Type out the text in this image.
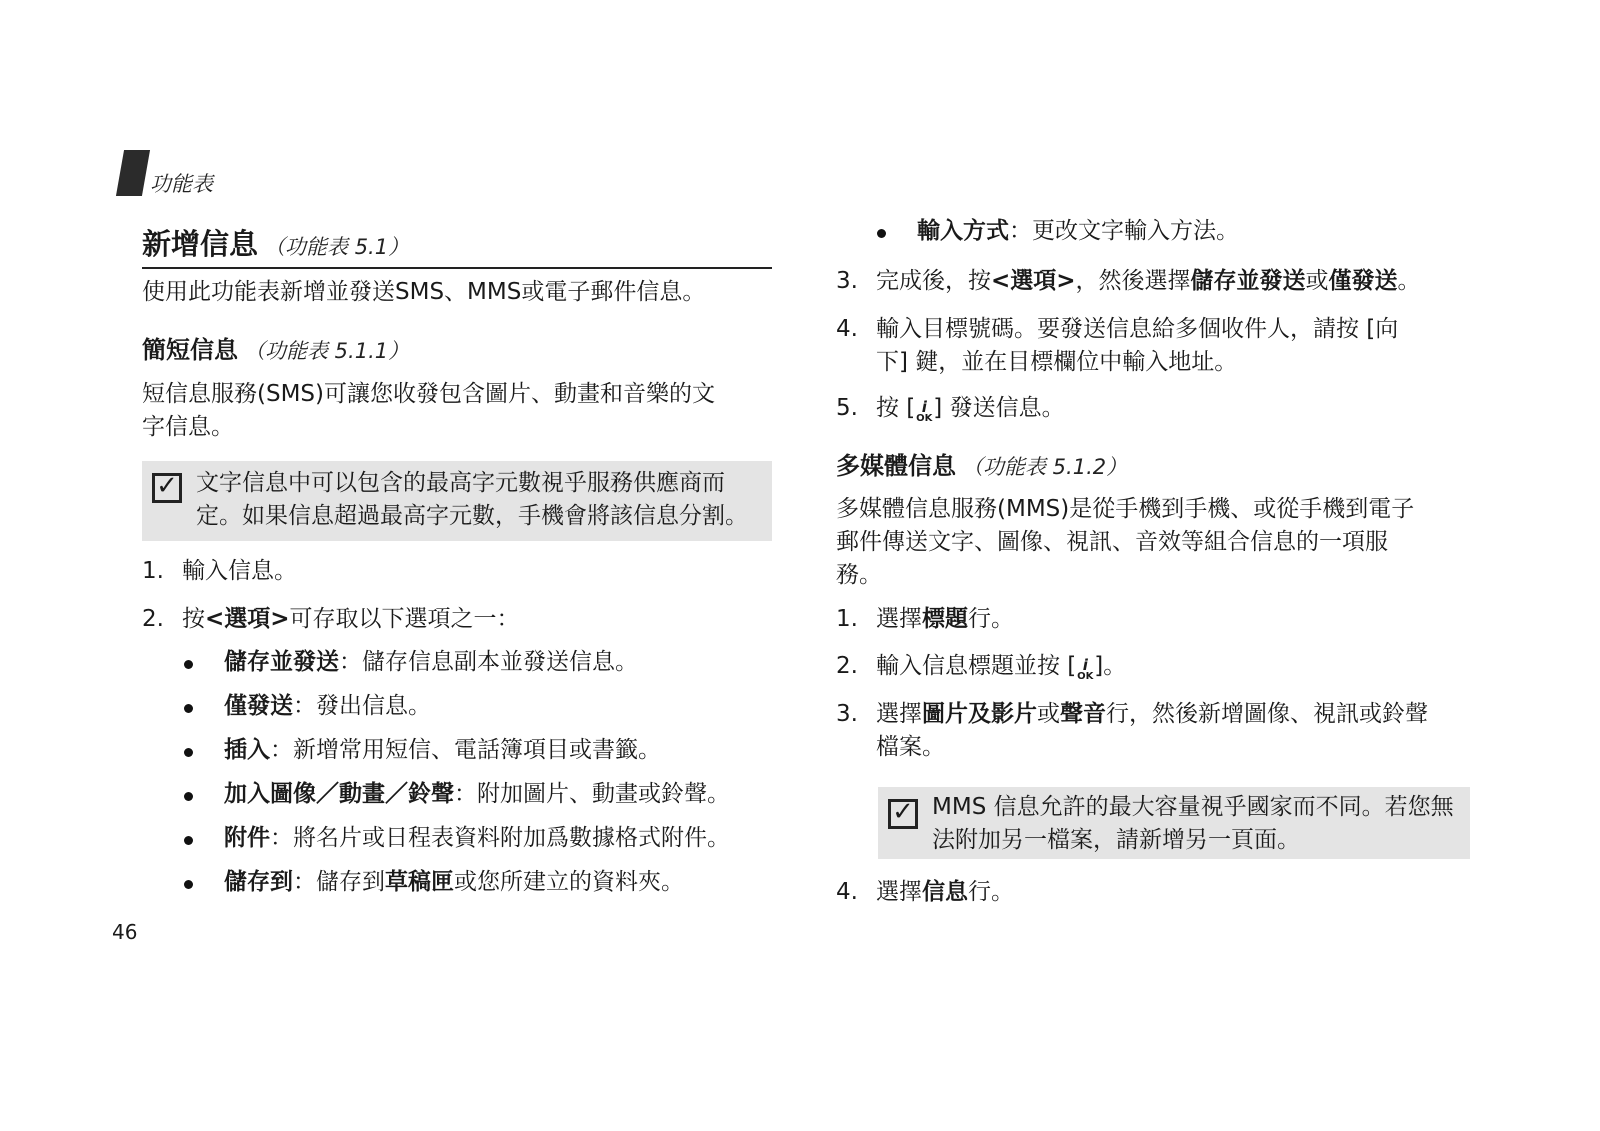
功能表
新增信息 （功能表 5.1）
使用此功能表新增並發送SMS、MMS或電子郵件信息。
簡短信息 （功能表 5.1.1）
短信息服務(SMS)可讓您收發包含圖片、動畫和音樂的文
字信息。
✓ 文字信息中可以包含的最高字元數視乎服務供應商而
定。如果信息超過最高字元數，手機會將該信息分割。
1. 輸入信息。
2. 按<選項>可存取以下選項之一：
儲存並發送：儲存信息副本並發送信息。
僅發送：發出信息。
插入：新增常用短信、電話簿項目或書籤。
加入圖像／動畫／鈴聲：附加圖片、動畫或鈴聲。
附件：將名片或日程表資料附加爲數據格式附件。
儲存到：儲存到草稿匣或您所建立的資料夾。
46
輸入方式：更改文字輸入方法。
3. 完成後，按<選項>，然後選擇儲存並發送或僅發送。
4. 輸入目標號碼。要發送信息給多個收件人，請按 [向
下] 鍵，並在目標欄位中輸入地址。
5. 按 [ i
OK ] 發送信息。
多媒體信息 （功能表 5.1.2）
多媒體信息服務(MMS)是從手機到手機、或從手機到電子
郵件傳送文字、圖像、視訊、音效等組合信息的一項服
務。
1. 選擇標題行。
2. 輸入信息標題並按 [ i
OK ]。
3. 選擇圖片及影片或聲音行，然後新增圖像、視訊或鈴聲
檔案。
✓ MMS 信息允許的最大容量視乎國家而不同。若您無
法附加另一檔案，請新增另一頁面。
4. 選擇信息行。
